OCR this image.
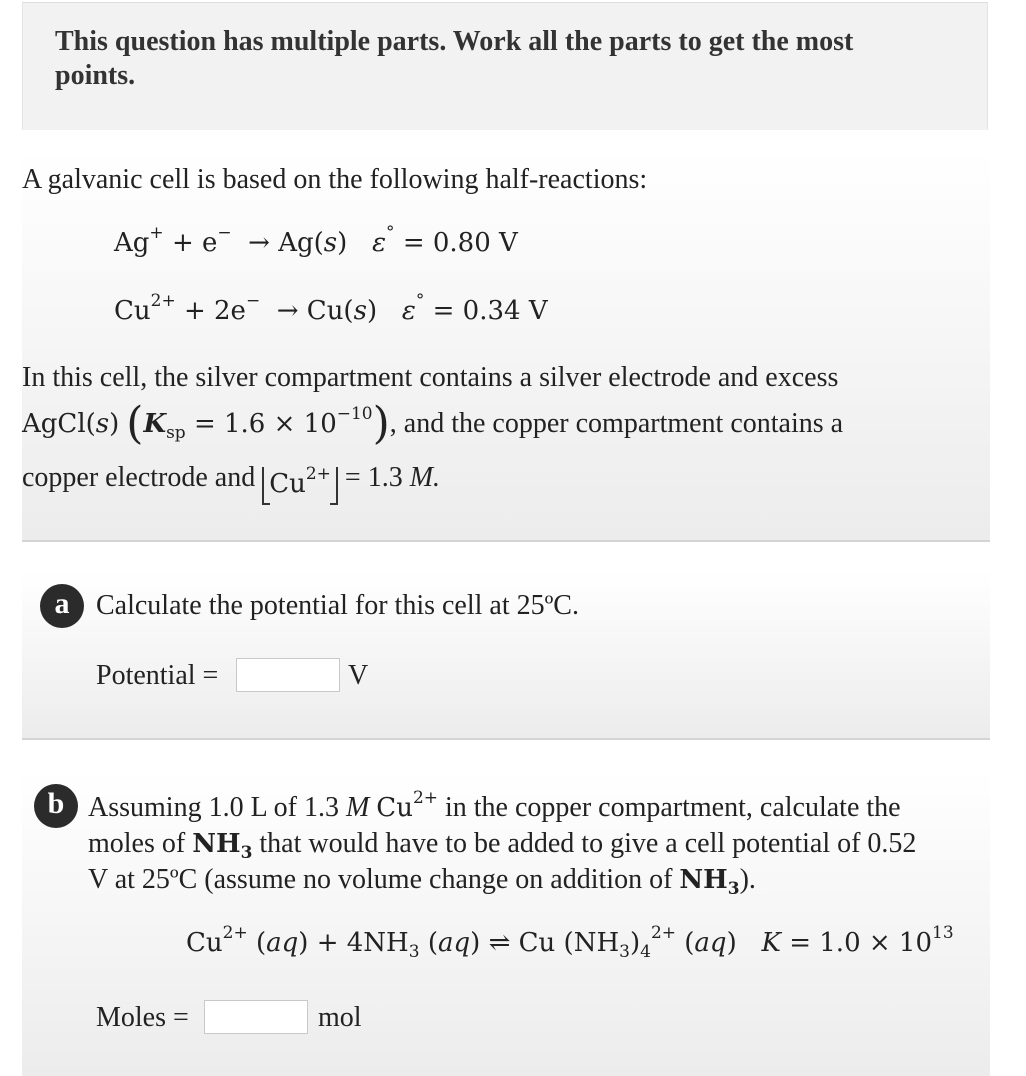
This question has multiple parts. Work all the parts to get the most points.
A galvanic cell is based on the following half-reactions:
Ag+ + e− → Ag(s) ε° = 0.80 V
$Cu^{2+} + 2e^- \to Cu(s) \varepsilon^\circ = 0.34$ V
In this cell, the silver compartment contains a silver electrode and excess
AgCl(s) $(K_{sp} = 1.6 \times 10^{-10})$, and the copper compartment contains a
copper electrode and $Cu^{2+} = 1.3$ M.
a Calculate the potential for this cell at 25ºC.
Potential =	V
b Assuming 1.0 L of 1.3 M $Cu^{2+}$ in the copper compartment, calculate the
moles of $NH_3$ that would have to be added to give a cell potential of 0.52
V at 25ºC (assume no volume change on addition of $NH_3$).
$Cu^{2+}$ $(aq) + 4NH_3$ (aq) ⇌ Cu $(NH_3)_4^{2+}$ (aq)   $K = 1.0 \times 10^{13}$
Moles =	mol
